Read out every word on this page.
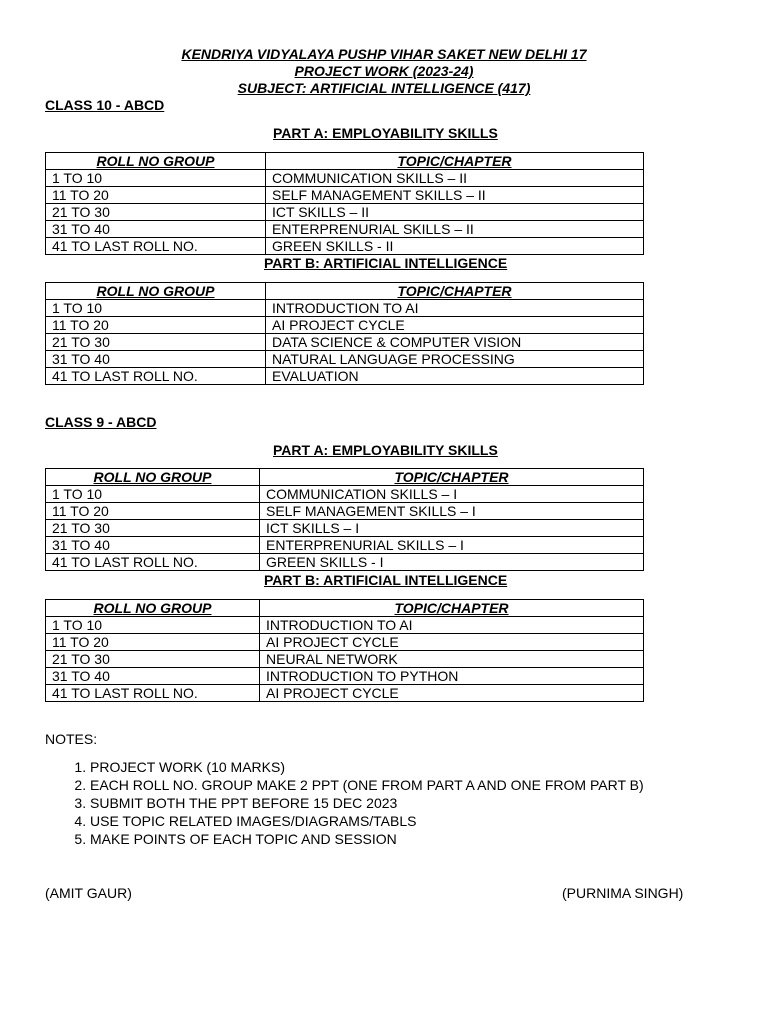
KENDRIYA VIDYALAYA PUSHP VIHAR SAKET NEW DELHI 17
PROJECT WORK (2023-24)
SUBJECT: ARTIFICIAL INTELLIGENCE (417)
CLASS 10 - ABCD
PART A: EMPLOYABILITY SKILLS
ROLL NO GROUP	TOPIC/CHAPTER
1 TO 10	COMMUNICATION SKILLS – II
11 TO 20	SELF MANAGEMENT SKILLS – II
21 TO 30	ICT SKILLS – II
31 TO 40	ENTERPRENURIAL SKILLS – II
41 TO LAST ROLL NO.	GREEN SKILLS - II
PART B: ARTIFICIAL INTELLIGENCE
ROLL NO GROUP	TOPIC/CHAPTER
1 TO 10	INTRODUCTION TO AI
11 TO 20	AI PROJECT CYCLE
21 TO 30	DATA SCIENCE & COMPUTER VISION
31 TO 40	NATURAL LANGUAGE PROCESSING
41 TO LAST ROLL NO.	EVALUATION
CLASS 9 - ABCD
PART A: EMPLOYABILITY SKILLS
ROLL NO GROUP	TOPIC/CHAPTER
1 TO 10	COMMUNICATION SKILLS – I
11 TO 20	SELF MANAGEMENT SKILLS – I
21 TO 30	ICT SKILLS – I
31 TO 40	ENTERPRENURIAL SKILLS – I
41 TO LAST ROLL NO.	GREEN SKILLS - I
PART B: ARTIFICIAL INTELLIGENCE
ROLL NO GROUP	TOPIC/CHAPTER
1 TO 10	INTRODUCTION TO AI
11 TO 20	AI PROJECT CYCLE
21 TO 30	NEURAL NETWORK
31 TO 40	INTRODUCTION TO PYTHON
41 TO LAST ROLL NO.	AI PROJECT CYCLE
NOTES:
1. PROJECT WORK (10 MARKS)
2. EACH ROLL NO. GROUP MAKE 2 PPT (ONE FROM PART A AND ONE FROM PART B)
3. SUBMIT BOTH THE PPT BEFORE 15 DEC 2023
4. USE TOPIC RELATED IMAGES/DIAGRAMS/TABLS
5. MAKE POINTS OF EACH TOPIC AND SESSION
(AMIT GAUR)	(PURNIMA SINGH)
